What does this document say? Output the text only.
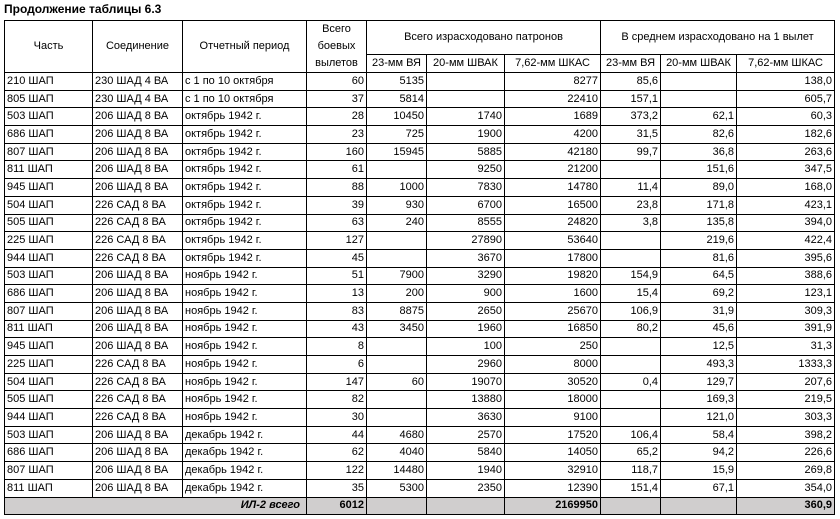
Продолжение таблицы 6.3
Часть	Соединение	Отчетный период	Всего боевых вылетов	Всего израсходовано патронов			В среднем израсходовано на 1 вылет		
				23-мм ВЯ	20-мм ШВАК	7,62-мм ШКАС	23-мм ВЯ	20-мм ШВАК	7,62-мм ШКАС
210 ШАП	230 ШАД 4 ВА	с 1 по 10 октября	60	5135		8277	85,6		138,0
805 ШАП	230 ШАД 4 ВА	с 1 по 10 октября	37	5814		22410	157,1		605,7
503 ШАП	206 ШАД 8 ВА	октябрь 1942 г.	28	10450	1740	1689	373,2	62,1	60,3
686 ШАП	206 ШАД 8 ВА	октябрь 1942 г.	23	725	1900	4200	31,5	82,6	182,6
807 ШАП	206 ШАД 8 ВА	октябрь 1942 г.	160	15945	5885	42180	99,7	36,8	263,6
811 ШАП	206 ШАД 8 ВА	октябрь 1942 г.	61		9250	21200		151,6	347,5
945 ШАП	206 ШАД 8 ВА	октябрь 1942 г.	88	1000	7830	14780	11,4	89,0	168,0
504 ШАП	226 САД 8 ВА	октябрь 1942 г.	39	930	6700	16500	23,8	171,8	423,1
505 ШАП	226 САД 8 ВА	октябрь 1942 г.	63	240	8555	24820	3,8	135,8	394,0
225 ШАП	226 САД 8 ВА	октябрь 1942 г.	127		27890	53640		219,6	422,4
944 ШАП	226 САД 8 ВА	октябрь 1942 г.	45		3670	17800		81,6	395,6
503 ШАП	206 ШАД 8 ВА	ноябрь 1942 г.	51	7900	3290	19820	154,9	64,5	388,6
686 ШАП	206 ШАД 8 ВА	ноябрь 1942 г.	13	200	900	1600	15,4	69,2	123,1
807 ШАП	206 ШАД 8 ВА	ноябрь 1942 г.	83	8875	2650	25670	106,9	31,9	309,3
811 ШАП	206 ШАД 8 ВА	ноябрь 1942 г.	43	3450	1960	16850	80,2	45,6	391,9
945 ШАП	206 ШАД 8 ВА	ноябрь 1942 г.	8		100	250		12,5	31,3
225 ШАП	226 САД 8 ВА	ноябрь 1942 г.	6		2960	8000		493,3	1333,3
504 ШАП	226 САД 8 ВА	ноябрь 1942 г.	147	60	19070	30520	0,4	129,7	207,6
505 ШАП	226 САД 8 ВА	ноябрь 1942 г.	82		13880	18000		169,3	219,5
944 ШАП	226 САД 8 ВА	ноябрь 1942 г.	30		3630	9100		121,0	303,3
503 ШАП	206 ШАД 8 ВА	декабрь 1942 г.	44	4680	2570	17520	106,4	58,4	398,2
686 ШАП	206 ШАД 8 ВА	декабрь 1942 г.	62	4040	5840	14050	65,2	94,2	226,6
807 ШАП	206 ШАД 8 ВА	декабрь 1942 г.	122	14480	1940	32910	118,7	15,9	269,8
811 ШАП	206 ШАД 8 ВА	декабрь 1942 г.	35	5300	2350	12390	151,4	67,1	354,0
ИЛ-2 всего			6012			2169950			360,9
